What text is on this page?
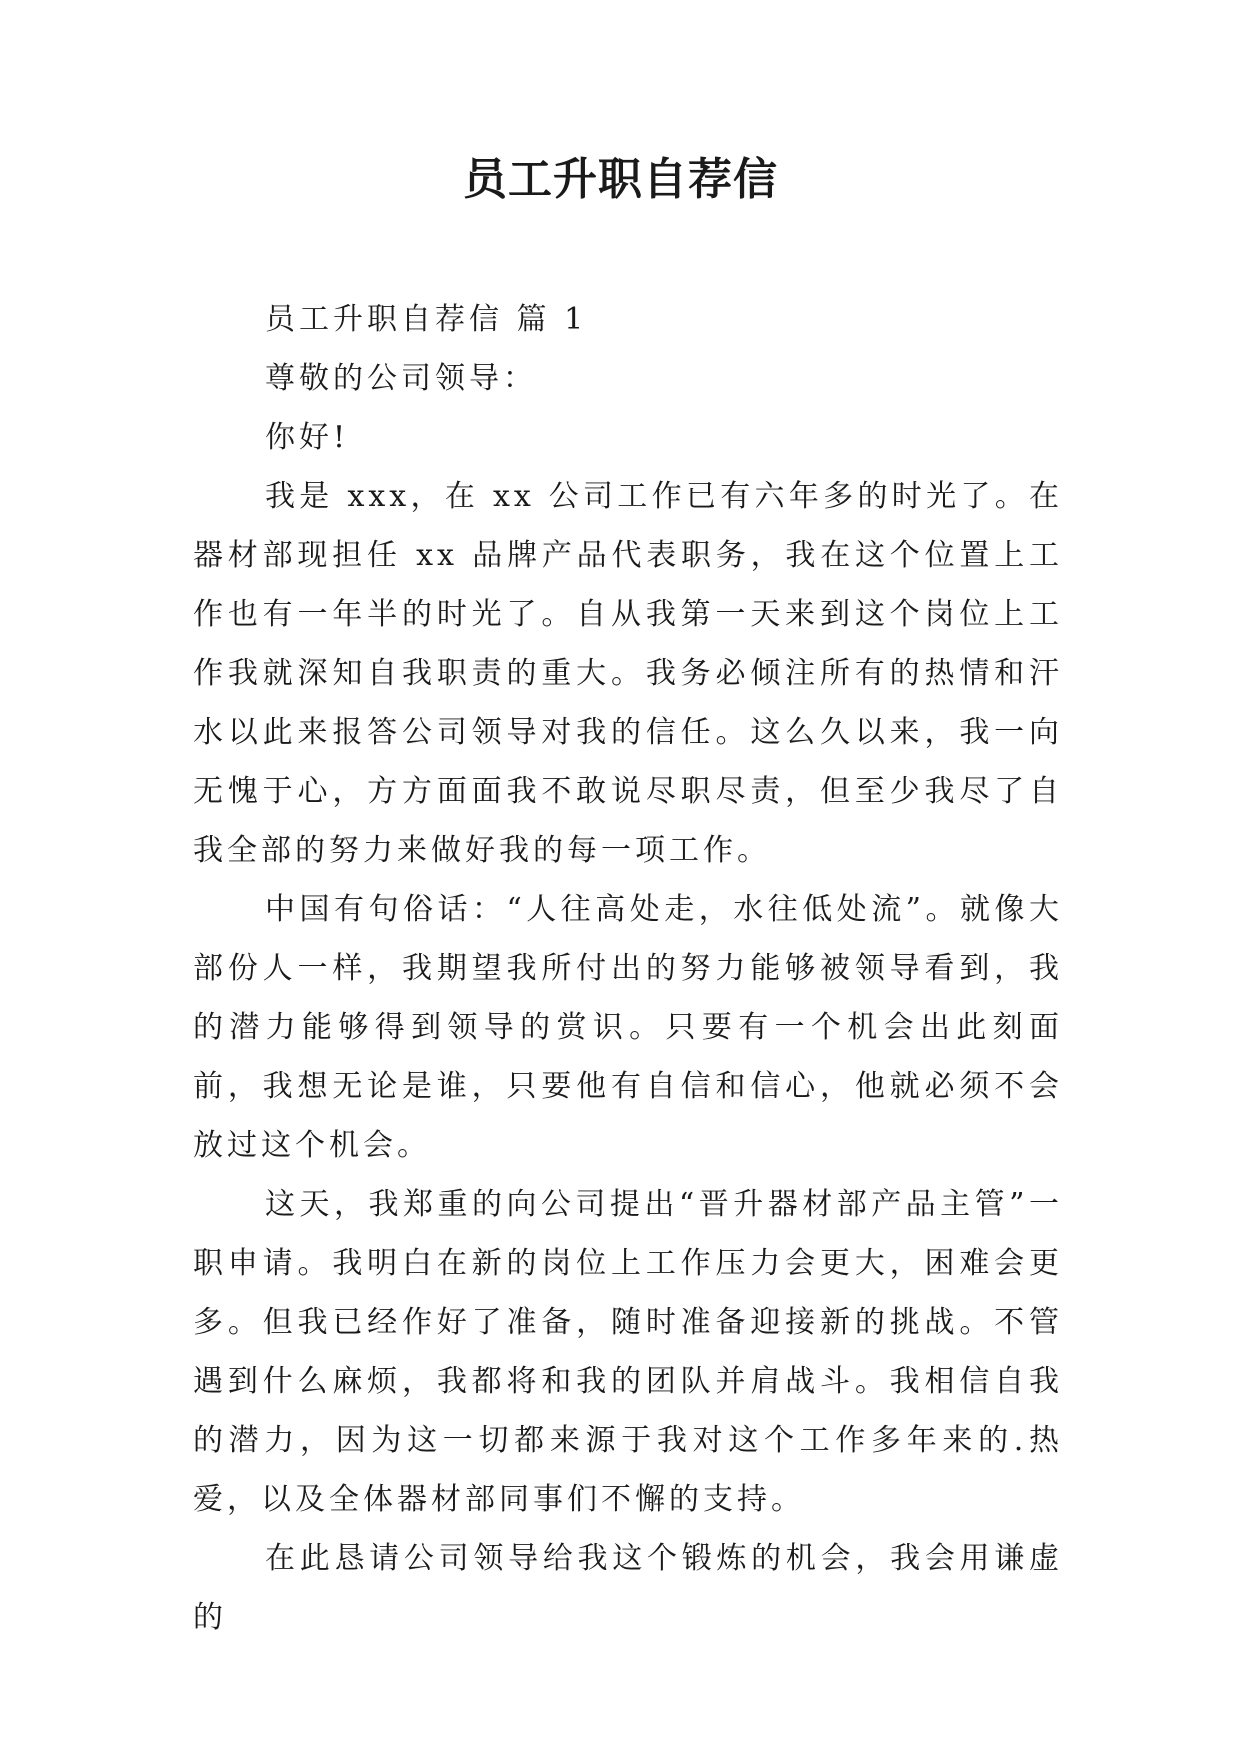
员工升职自荐信

员工升职自荐信 篇 1

尊敬的公司领导：

你好!

我是 xxx，在 xx 公司工作已有六年多的时光了。在器材部现担任 xx 品牌产品代表职务，我在这个位置上工作也有一年半的时光了。自从我第一天来到这个岗位上工作我就深知自我职责的重大。我务必倾注所有的热情和汗水以此来报答公司领导对我的信任。这么久以来，我一向无愧于心，方方面面我不敢说尽职尽责，但至少我尽了自我全部的努力来做好我的每一项工作。

中国有句俗话：“人往高处走，水往低处流”。就像大部份人一样，我期望我所付出的努力能够被领导看到，我的潜力能够得到领导的赏识。只要有一个机会出此刻面前，我想无论是谁，只要他有自信和信心，他就必须不会放过这个机会。

这天，我郑重的向公司提出“晋升器材部产品主管”一职申请。我明白在新的岗位上工作压力会更大，困难会更多。但我已经作好了准备，随时准备迎接新的挑战。不管遇到什么麻烦，我都将和我的团队并肩战斗。我相信自我的潜力，因为这一切都来源于我对这个工作多年来的.热爱，以及全体器材部同事们不懈的支持。

在此恳请公司领导给我这个锻炼的机会，我会用谦虚的
